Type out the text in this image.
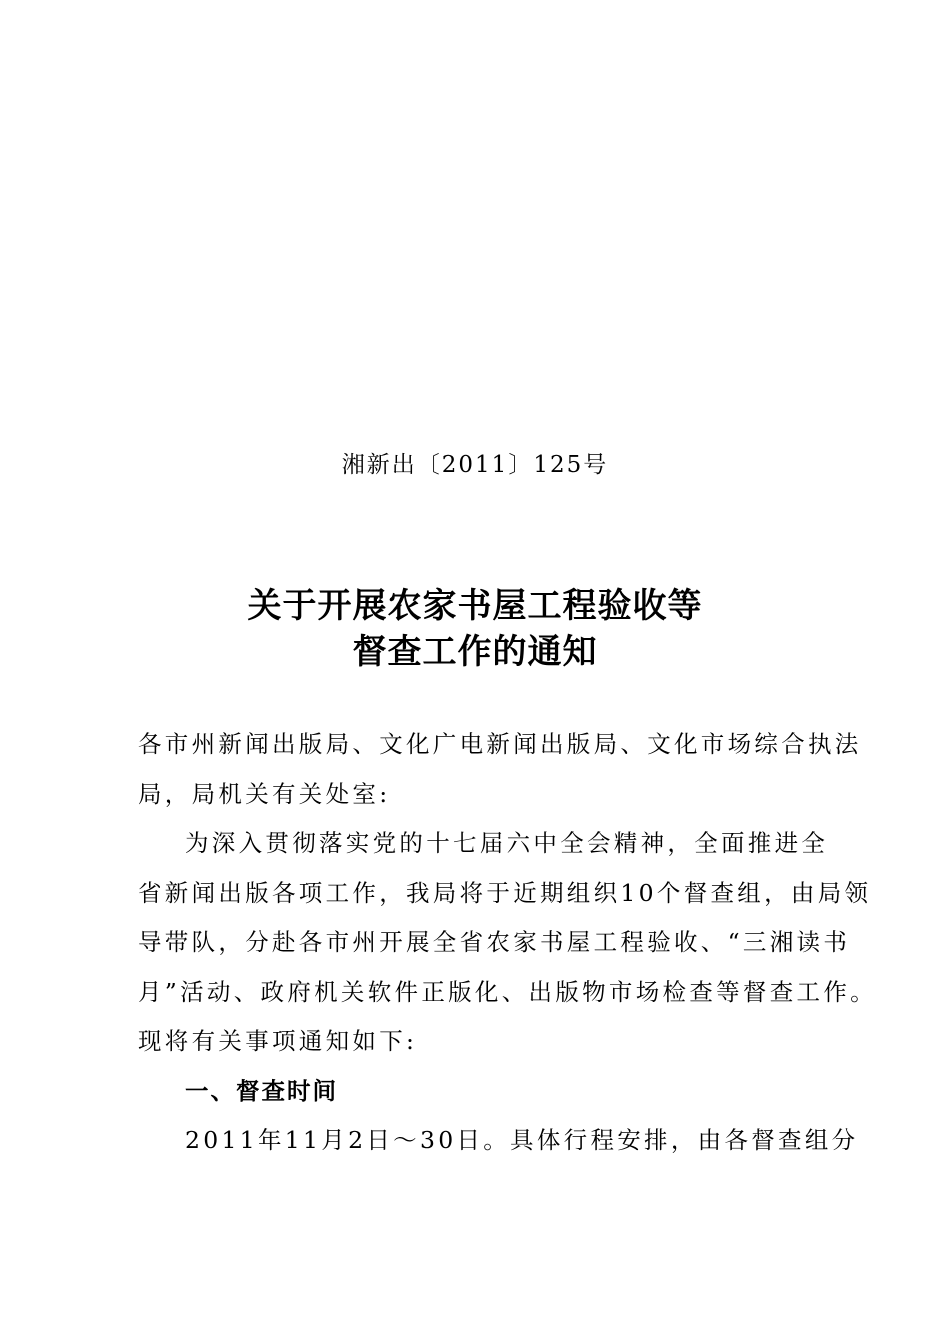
湘新出〔2011〕125号
关于开展农家书屋工程验收等
督查工作的通知

各市州新闻出版局、文化广电新闻出版局、文化市场综合执法
局，局机关有关处室:

为深入贯彻落实党的十七届六中全会精神，全面推进全
省新闻出版各项工作，我局将于近期组织10个督查组，由局领
导带队，分赴各市州开展全省农家书屋工程验收、“三湘读书
月”活动、政府机关软件正版化、出版物市场检查等督查工作。
现将有关事项通知如下:

一、督查时间

2011年11月2日～30日。具体行程安排，由各督查组分
